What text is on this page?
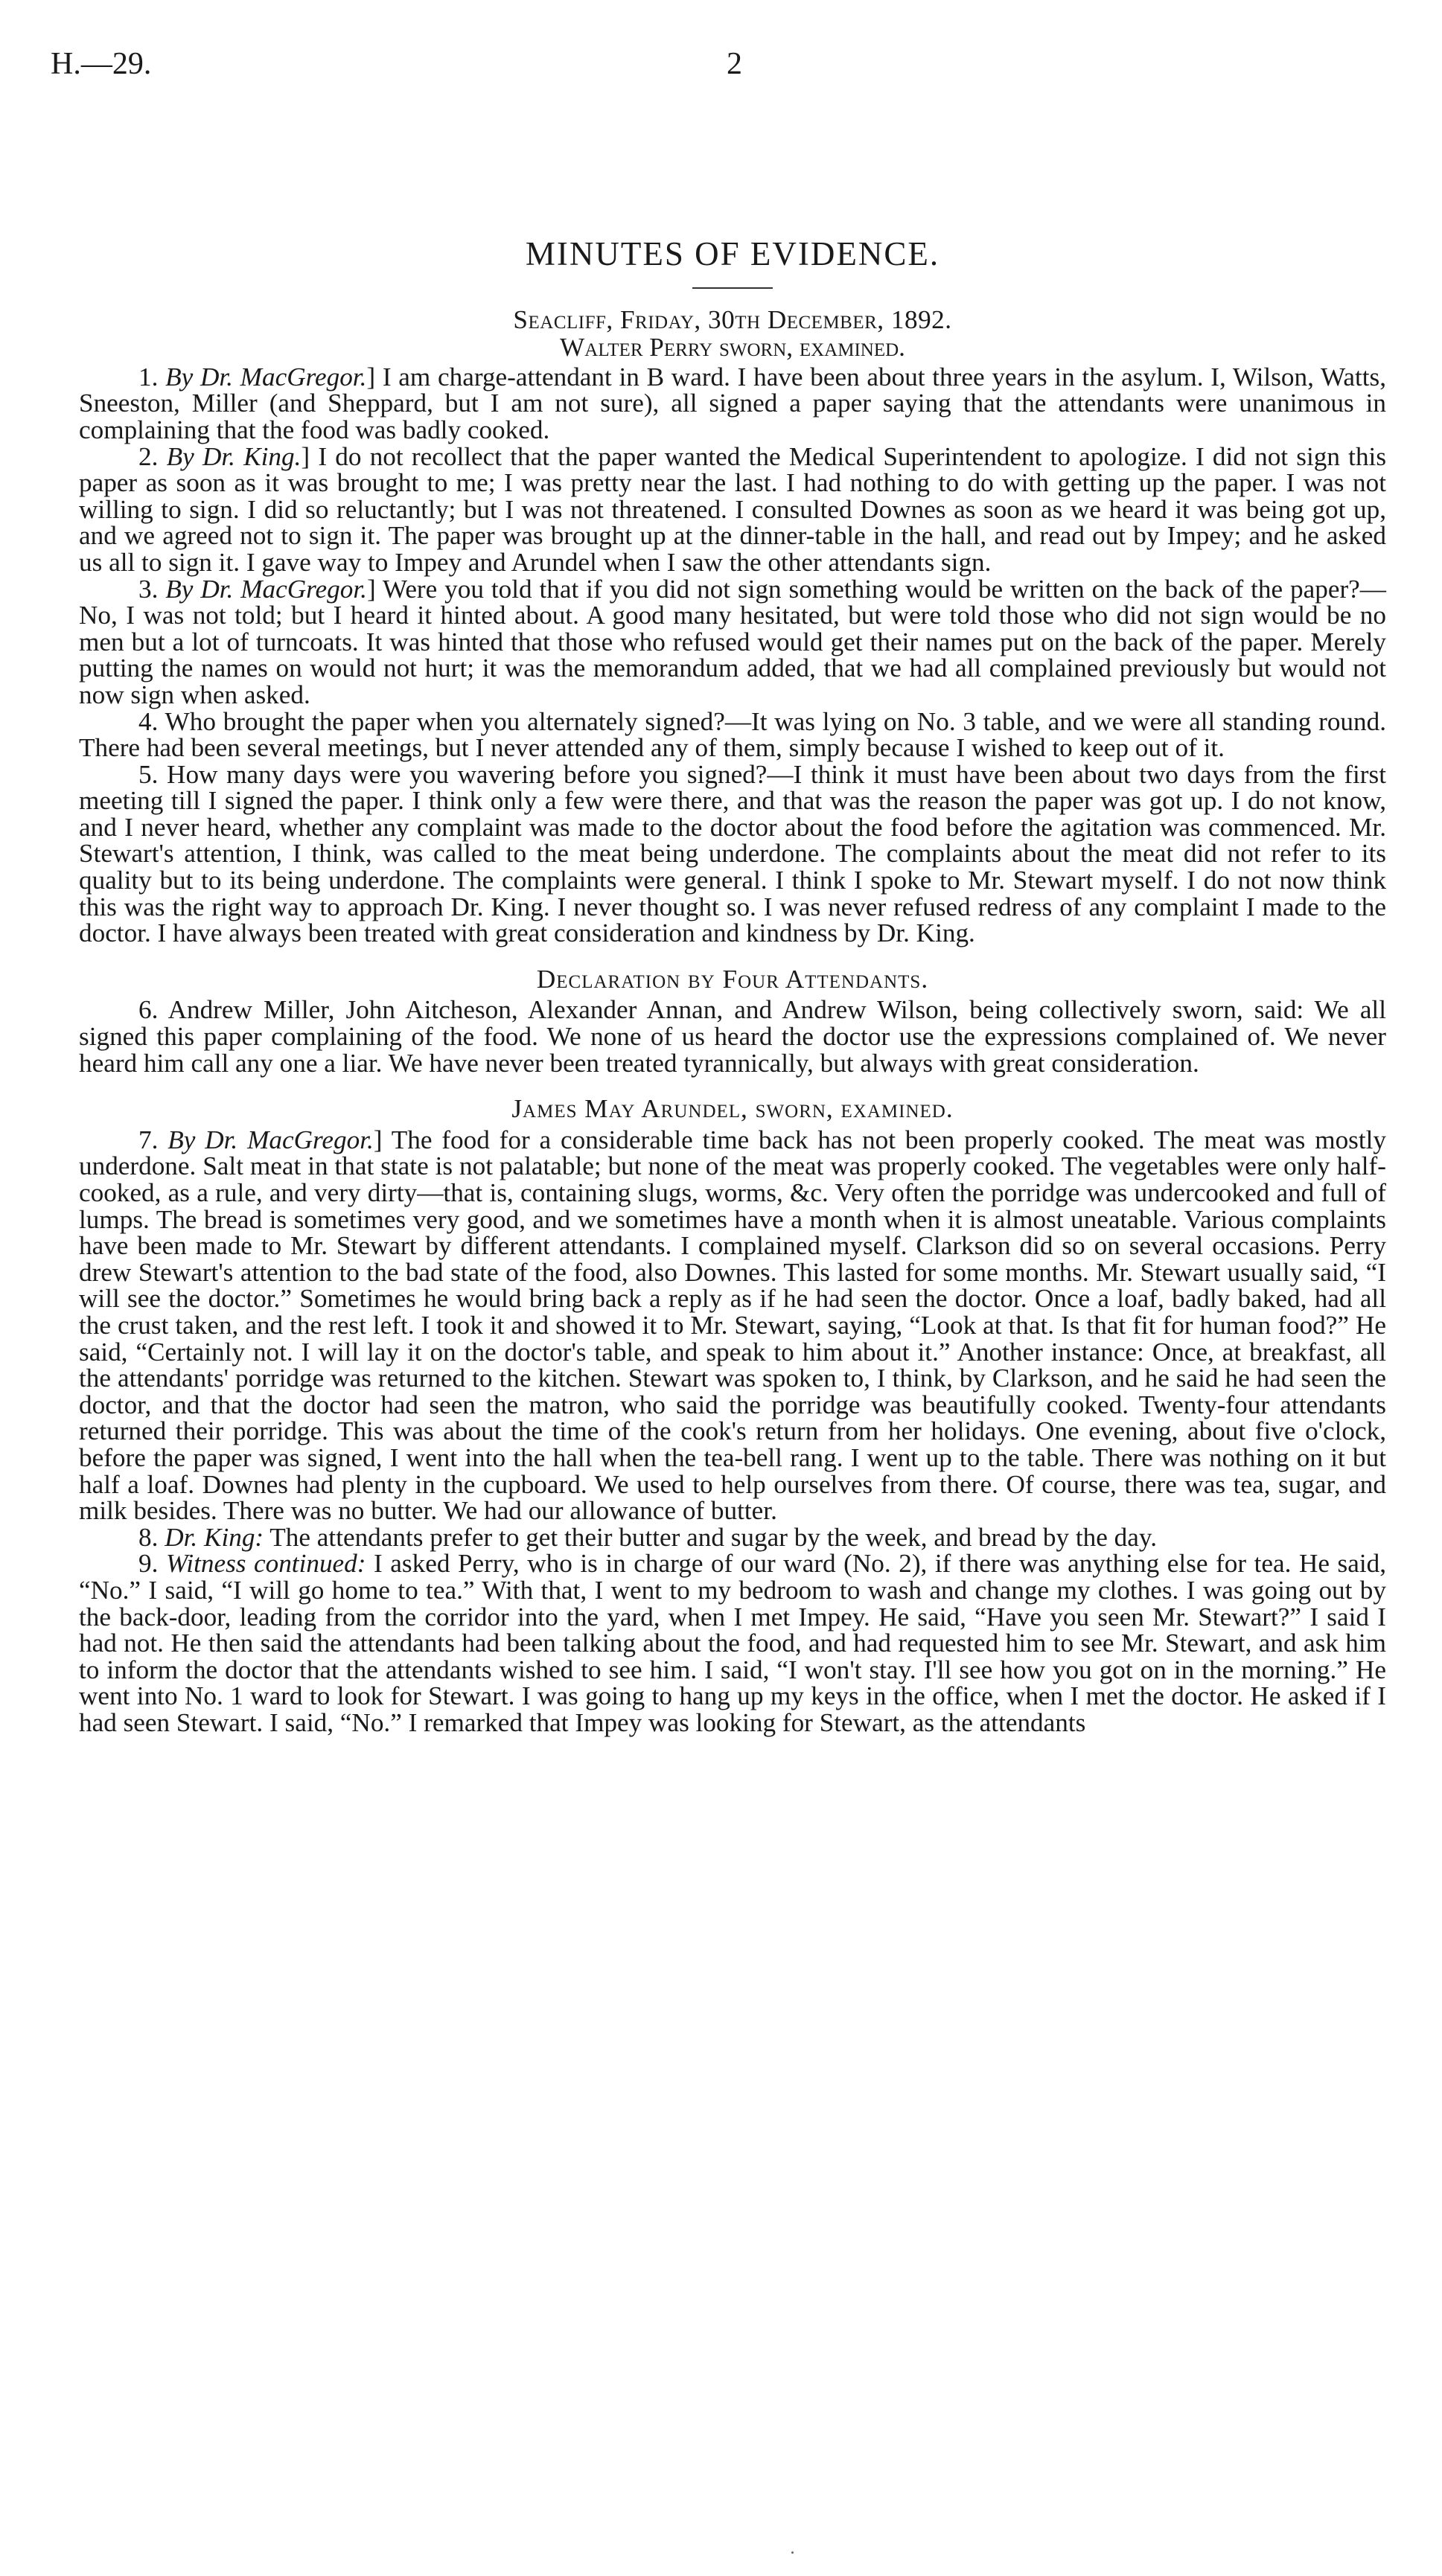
H.—29.	2
MINUTES OF EVIDENCE.

Seacliff, Friday, 30th December, 1892.

Walter Perry sworn, examined.

1. By Dr. MacGregor.] I am charge-attendant in B ward. I have been about three years in the asylum. I, Wilson, Watts, Sneeston, Miller (and Sheppard, but I am not sure), all signed a paper saying that the attendants were unanimous in complaining that the food was badly cooked.

2. By Dr. King.] I do not recollect that the paper wanted the Medical Superintendent to apologize. I did not sign this paper as soon as it was brought to me; I was pretty near the last. I had nothing to do with getting up the paper. I was not willing to sign. I did so reluctantly; but I was not threatened. I consulted Downes as soon as we heard it was being got up, and we agreed not to sign it. The paper was brought up at the dinner-table in the hall, and read out by Impey; and he asked us all to sign it. I gave way to Impey and Arundel when I saw the other attendants sign.

3. By Dr. MacGregor.] Were you told that if you did not sign something would be written on the back of the paper?—No, I was not told; but I heard it hinted about. A good many hesitated, but were told those who did not sign would be no men but a lot of turncoats. It was hinted that those who refused would get their names put on the back of the paper. Merely putting the names on would not hurt; it was the memorandum added, that we had all complained previously but would not now sign when asked.

4. Who brought the paper when you alternately signed?—It was lying on No. 3 table, and we were all standing round. There had been several meetings, but I never attended any of them, simply because I wished to keep out of it.

5. How many days were you wavering before you signed?—I think it must have been about two days from the first meeting till I signed the paper. I think only a few were there, and that was the reason the paper was got up. I do not know, and I never heard, whether any complaint was made to the doctor about the food before the agitation was commenced. Mr. Stewart's attention, I think, was called to the meat being underdone. The complaints about the meat did not refer to its quality but to its being underdone. The complaints were general. I think I spoke to Mr. Stewart myself. I do not now think this was the right way to approach Dr. King. I never thought so. I was never refused redress of any complaint I made to the doctor. I have always been treated with great consideration and kindness by Dr. King.

Declaration by Four Attendants.

6. Andrew Miller, John Aitcheson, Alexander Annan, and Andrew Wilson, being collectively sworn, said: We all signed this paper complaining of the food. We none of us heard the doctor use the expressions complained of. We never heard him call any one a liar. We have never been treated tyrannically, but always with great consideration.

James May Arundel, sworn, examined.

7. By Dr. MacGregor.] The food for a considerable time back has not been properly cooked. The meat was mostly underdone. Salt meat in that state is not palatable; but none of the meat was properly cooked. The vegetables were only half-cooked, as a rule, and very dirty—that is, containing slugs, worms, &c. Very often the porridge was undercooked and full of lumps. The bread is sometimes very good, and we sometimes have a month when it is almost uneatable. Various complaints have been made to Mr. Stewart by different attendants. I complained myself. Clarkson did so on several occasions. Perry drew Stewart's attention to the bad state of the food, also Downes. This lasted for some months. Mr. Stewart usually said, “I will see the doctor.” Sometimes he would bring back a reply as if he had seen the doctor. Once a loaf, badly baked, had all the crust taken, and the rest left. I took it and showed it to Mr. Stewart, saying, “Look at that. Is that fit for human food?” He said, “Certainly not. I will lay it on the doctor's table, and speak to him about it.” Another instance: Once, at breakfast, all the attendants' porridge was returned to the kitchen. Stewart was spoken to, I think, by Clarkson, and he said he had seen the doctor, and that the doctor had seen the matron, who said the porridge was beautifully cooked. Twenty-four attendants returned their porridge. This was about the time of the cook's return from her holidays. One evening, about five o'clock, before the paper was signed, I went into the hall when the tea-bell rang. I went up to the table. There was nothing on it but half a loaf. Downes had plenty in the cupboard. We used to help ourselves from there. Of course, there was tea, sugar, and milk besides. There was no butter. We had our allowance of butter.

8. Dr. King: The attendants prefer to get their butter and sugar by the week, and bread by the day.

9. Witness continued: I asked Perry, who is in charge of our ward (No. 2), if there was anything else for tea. He said, “No.” I said, “I will go home to tea.” With that, I went to my bedroom to wash and change my clothes. I was going out by the back-door, leading from the corridor into the yard, when I met Impey. He said, “Have you seen Mr. Stewart?” I said I had not. He then said the attendants had been talking about the food, and had requested him to see Mr. Stewart, and ask him to inform the doctor that the attendants wished to see him. I said, “I won't stay. I'll see how you got on in the morning.” He went into No. 1 ward to look for Stewart. I was going to hang up my keys in the office, when I met the doctor. He asked if I had seen Stewart. I said, “No.” I remarked that Impey was looking for Stewart, as the attendants
